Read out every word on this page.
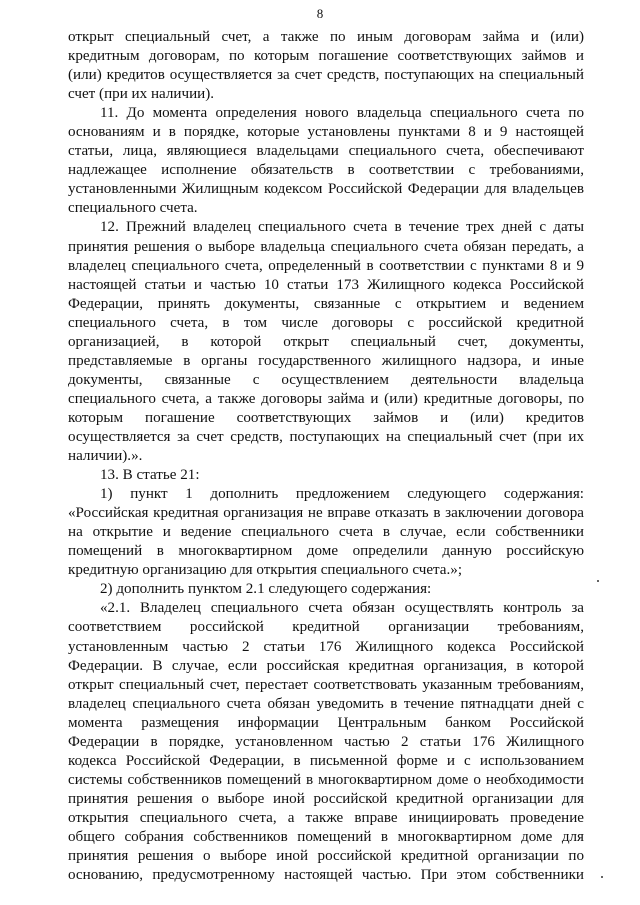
8
открыт специальный счет, а также по иным договорам займа и (или)
кредитным договорам, по которым погашение соответствующих займов и
(или) кредитов осуществляется за счет средств, поступающих на специальный
счет (при их наличии).
11. До момента определения нового владельца специального счета по
основаниям и в порядке, которые установлены пунктами 8 и 9 настоящей
статьи, лица, являющиеся владельцами специального счета, обеспечивают
надлежащее исполнение обязательств в соответствии с требованиями,
установленными Жилищным кодексом Российской Федерации для владельцев
специального счета.
12. Прежний владелец специального счета в течение трех дней с даты
принятия решения о выборе владельца специального счета обязан передать, а
владелец специального счета, определенный в соответствии с пунктами 8 и 9
настоящей статьи и частью 10 статьи 173 Жилищного кодекса Российской
Федерации, принять документы, связанные с открытием и ведением
специального счета, в том числе договоры с российской кредитной
организацией, в которой открыт специальный счет, документы,
представляемые в органы государственного жилищного надзора, и иные
документы, связанные с осуществлением деятельности владельца
специального счета, а также договоры займа и (или) кредитные договоры, по
которым погашение соответствующих займов и (или) кредитов
осуществляется за счет средств, поступающих на специальный счет (при их
наличии).».
13. В статье 21:
1) пункт 1 дополнить предложением следующего содержания:
«Российская кредитная организация не вправе отказать в заключении договора
на открытие и ведение специального счета в случае, если собственники
помещений в многоквартирном доме определили данную российскую
кредитную организацию для открытия специального счета.»;
2) дополнить пунктом 2.1 следующего содержания:
«2.1. Владелец специального счета обязан осуществлять контроль за
соответствием российской кредитной организации требованиям,
установленным частью 2 статьи 176 Жилищного кодекса Российской
Федерации. В случае, если российская кредитная организация, в которой
открыт специальный счет, перестает соответствовать указанным требованиям,
владелец специального счета обязан уведомить в течение пятнадцати дней с
момента размещения информации Центральным банком Российской
Федерации в порядке, установленном частью 2 статьи 176 Жилищного
кодекса Российской Федерации, в письменной форме и с использованием
системы собственников помещений в многоквартирном доме о необходимости
принятия решения о выборе иной российской кредитной организации для
открытия специального счета, а также вправе инициировать проведение
общего собрания собственников помещений в многоквартирном доме для
принятия решения о выборе иной российской кредитной организации по
основанию, предусмотренному настоящей частью. При этом собственники
